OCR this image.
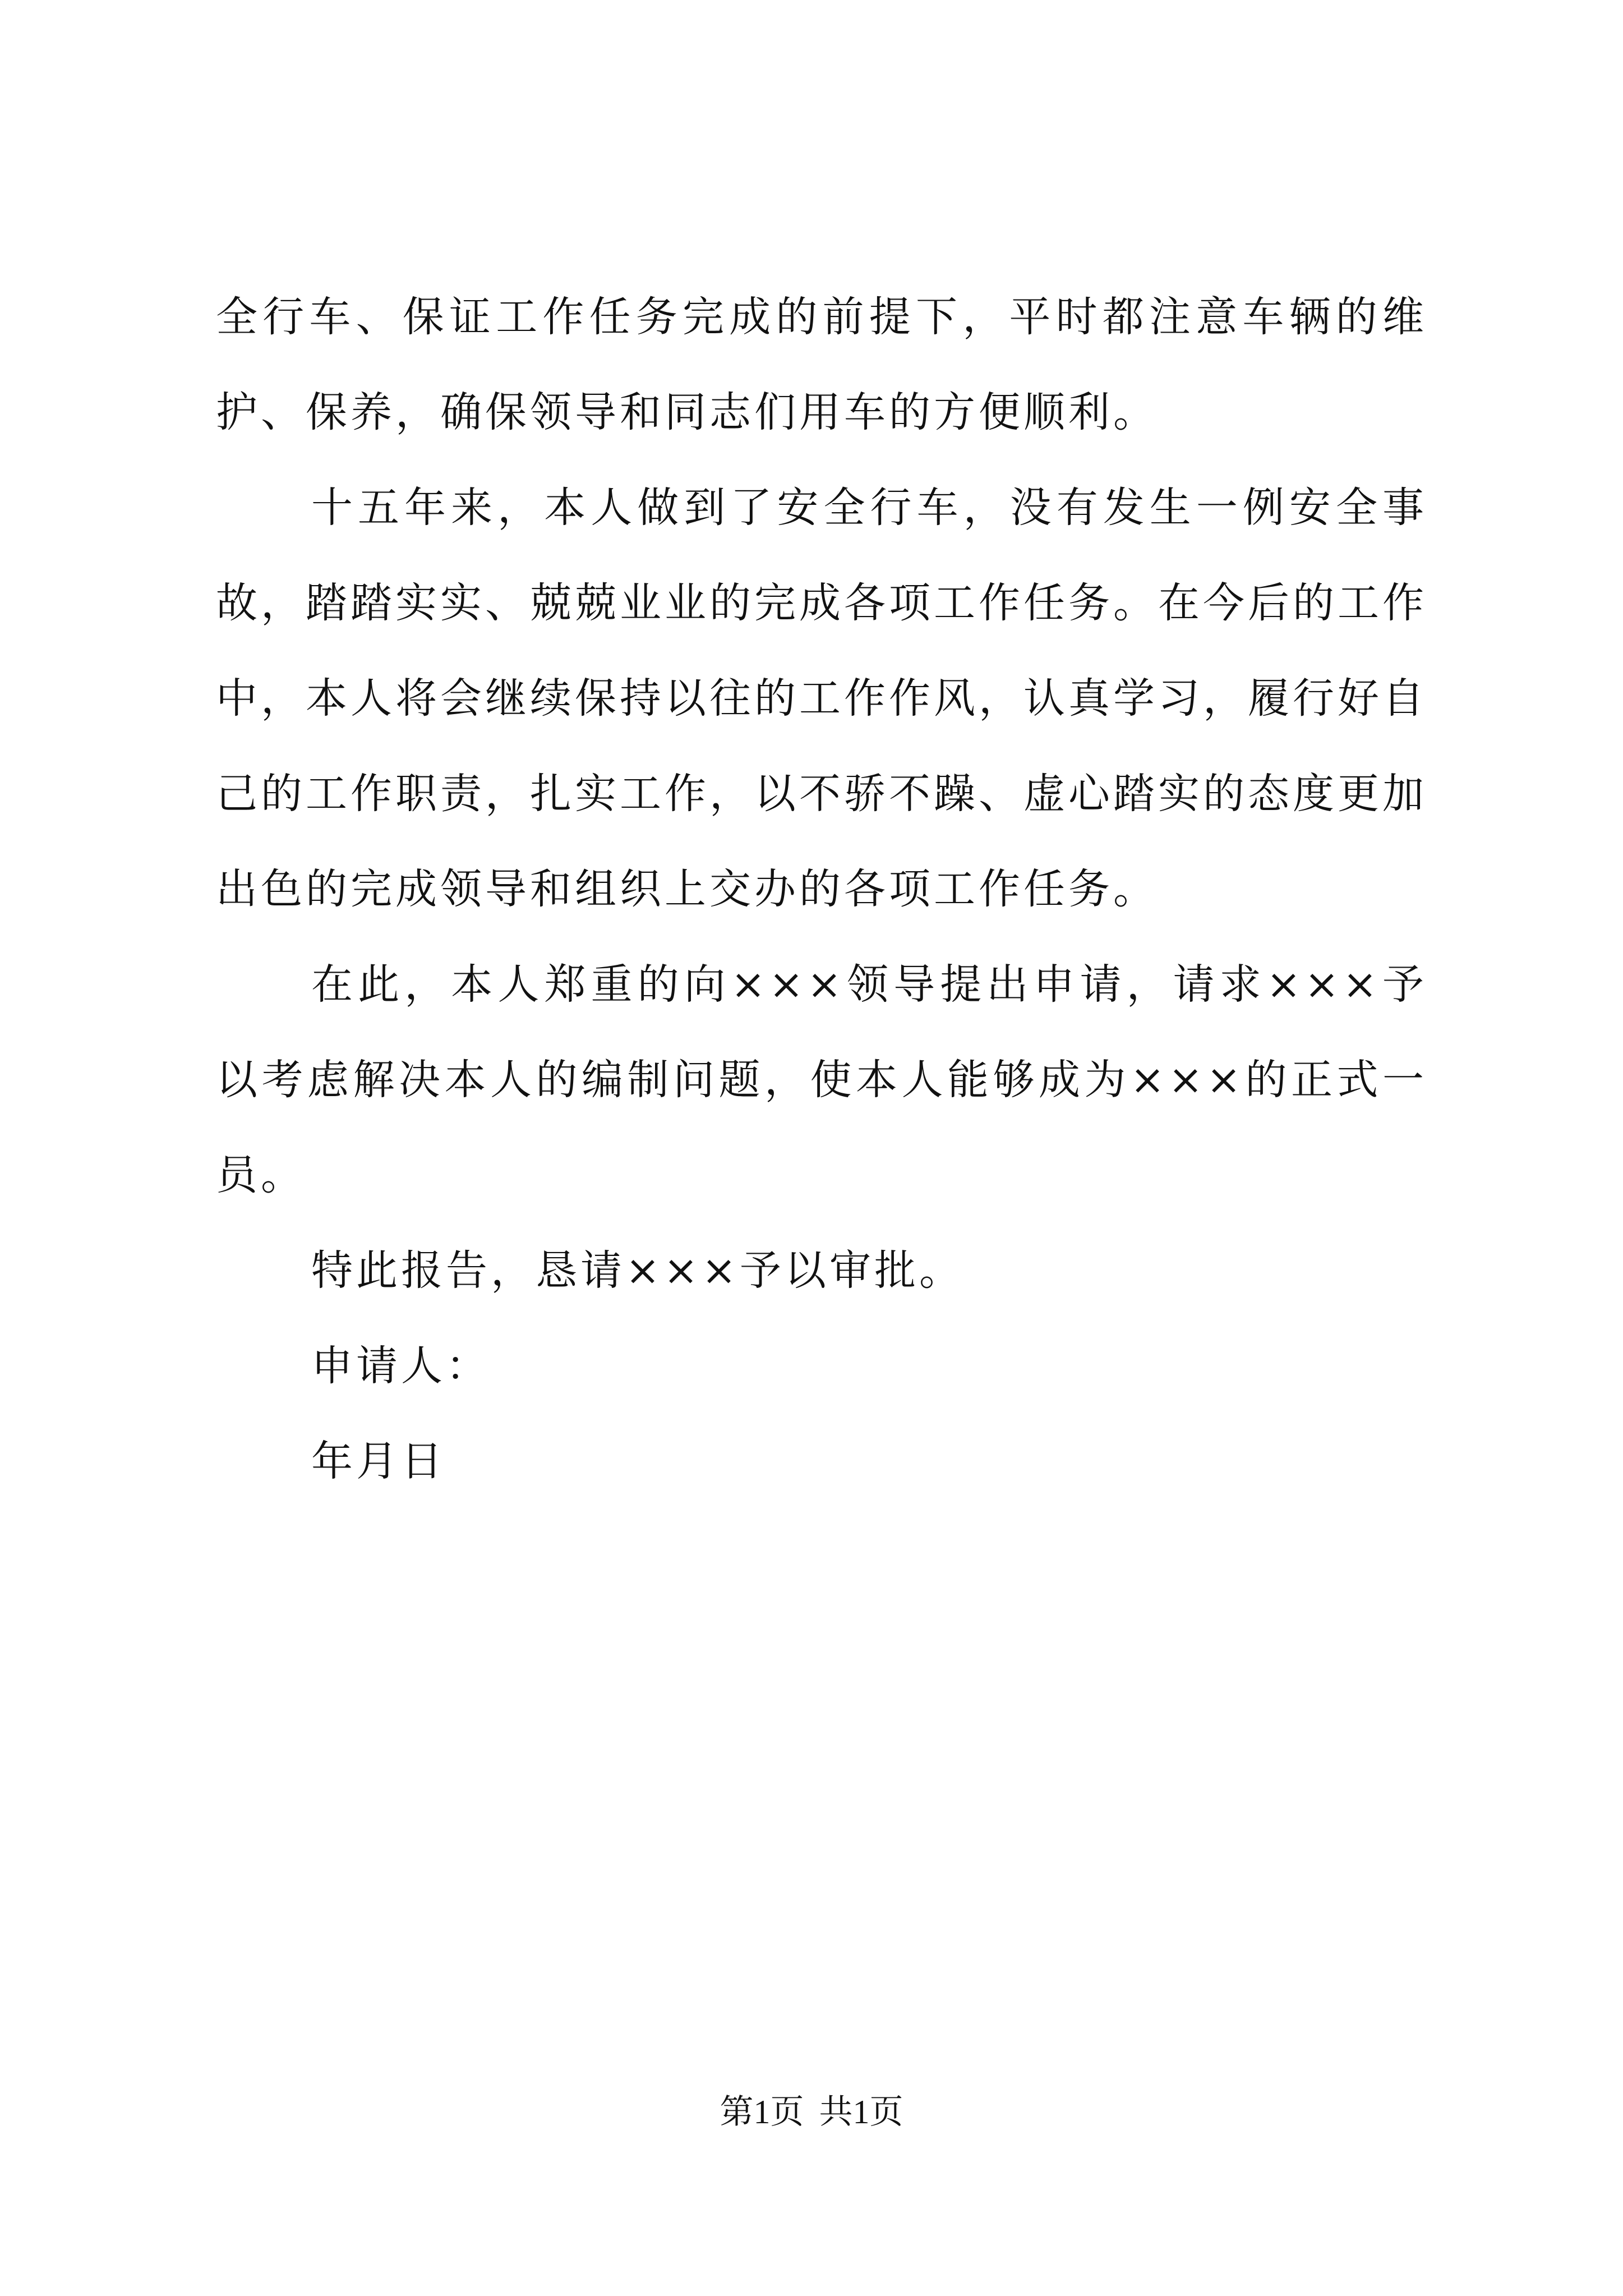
全行车、保证工作任务完成的前提下，平时都注意车辆的维护、保养，确保领导和同志们用车的方便顺利。

十五年来，本人做到了安全行车，没有发生一例安全事故，踏踏实实、兢兢业业的完成各项工作任务。在今后的工作中，本人将会继续保持以往的工作作风，认真学习，履行好自己的工作职责，扎实工作，以不骄不躁、虚心踏实的态度更加出色的完成领导和组织上交办的各项工作任务。

在此，本人郑重的向×××领导提出申请，请求×××予以考虑解决本人的编制问题，使本人能够成为×××的正式一员。

特此报告，恳请×××予以审批。

申请人：

年月日

第1页 共1页
